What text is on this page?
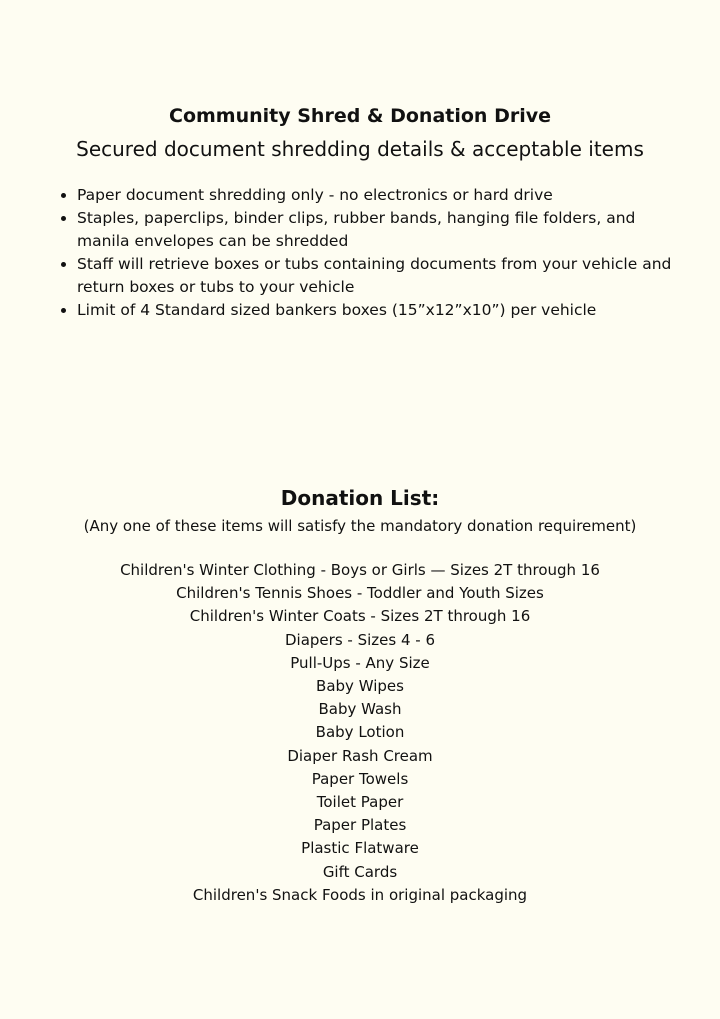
Community Shred & Donation Drive
Secured document shredding details & acceptable items
• Paper document shredding only - no electronics or hard drive
• Staples, paperclips, binder clips, rubber bands, hanging file folders, and manila envelopes can be shredded
• Staff will retrieve boxes or tubs containing documents from your vehicle and return boxes or tubs to your vehicle
• Limit of 4 Standard sized bankers boxes (15”x12”x10”) per vehicle
Donation List:
(Any one of these items will satisfy the mandatory donation requirement)
Children's Winter Clothing - Boys or Girls — Sizes 2T through 16
Children's Tennis Shoes - Toddler and Youth Sizes
Children's Winter Coats - Sizes 2T through 16
Diapers - Sizes 4 - 6
Pull-Ups - Any Size
Baby Wipes
Baby Wash
Baby Lotion
Diaper Rash Cream
Paper Towels
Toilet Paper
Paper Plates
Plastic Flatware
Gift Cards
Children's Snack Foods in original packaging
